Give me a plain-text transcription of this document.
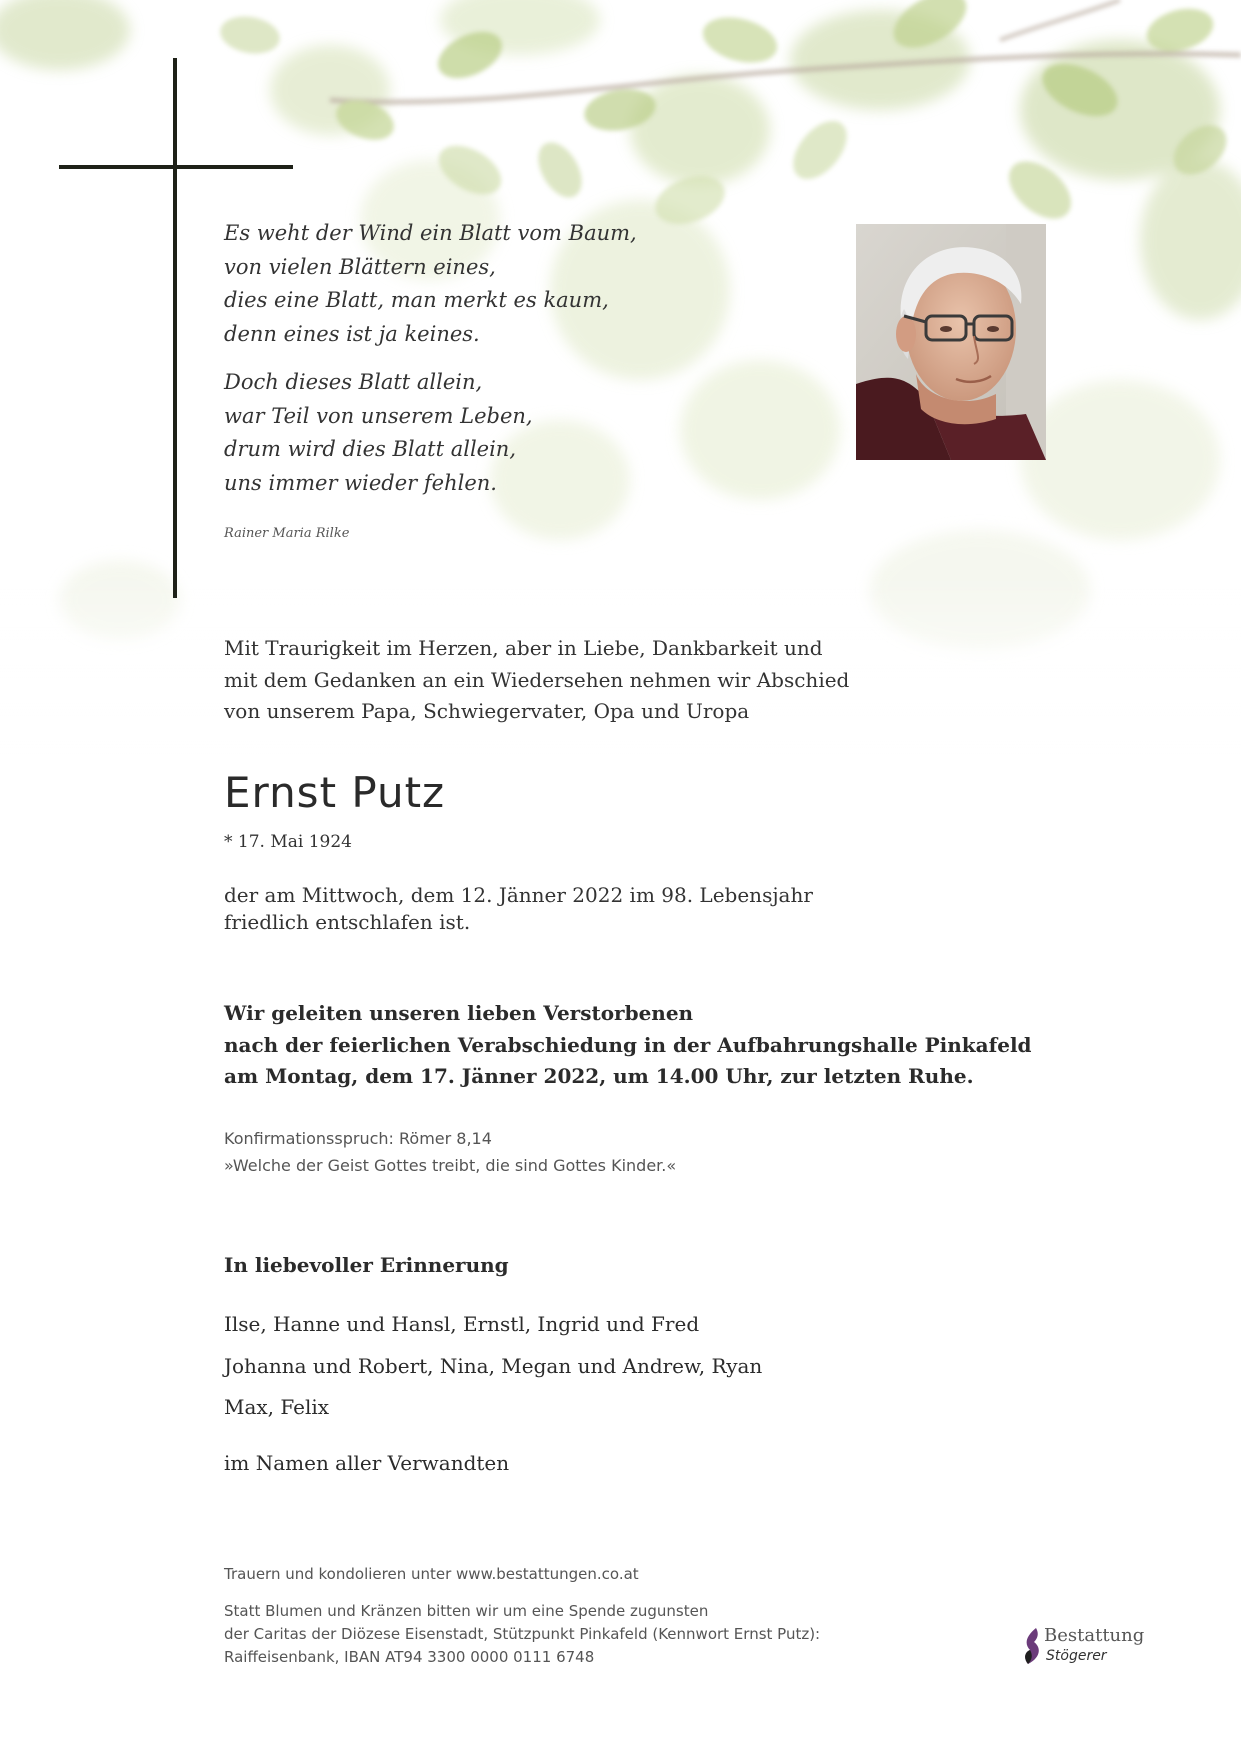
Es weht der Wind ein Blatt vom Baum,
von vielen Blättern eines,
dies eine Blatt, man merkt es kaum,
denn eines ist ja keines.
Doch dieses Blatt allein,
war Teil von unserem Leben,
drum wird dies Blatt allein,
uns immer wieder fehlen.
Rainer Maria Rilke
Mit Traurigkeit im Herzen, aber in Liebe, Dankbarkeit und
mit dem Gedanken an ein Wiedersehen nehmen wir Abschied
von unserem Papa, Schwiegervater, Opa und Uropa
Ernst Putz
* 17. Mai 1924
der am Mittwoch, dem 12. Jänner 2022 im 98. Lebensjahr
friedlich entschlafen ist.
Wir geleiten unseren lieben Verstorbenen
nach der feierlichen Verabschiedung in der Aufbahrungshalle Pinkafeld
am Montag, dem 17. Jänner 2022, um 14.00 Uhr, zur letzten Ruhe.
Konfirmationsspruch: Römer 8,14
»Welche der Geist Gottes treibt, die sind Gottes Kinder.«
In liebevoller Erinnerung
Ilse, Hanne und Hansl, Ernstl, Ingrid und Fred
Johanna und Robert, Nina, Megan und Andrew, Ryan
Max, Felix
im Namen aller Verwandten
Trauern und kondolieren unter www.bestattungen.co.at
Statt Blumen und Kränzen bitten wir um eine Spende zugunsten
der Caritas der Diözese Eisenstadt, Stützpunkt Pinkafeld (Kennwort Ernst Putz):
Raiffeisenbank, IBAN AT94 3300 0000 0111 6748
Bestattung
Stögerer
